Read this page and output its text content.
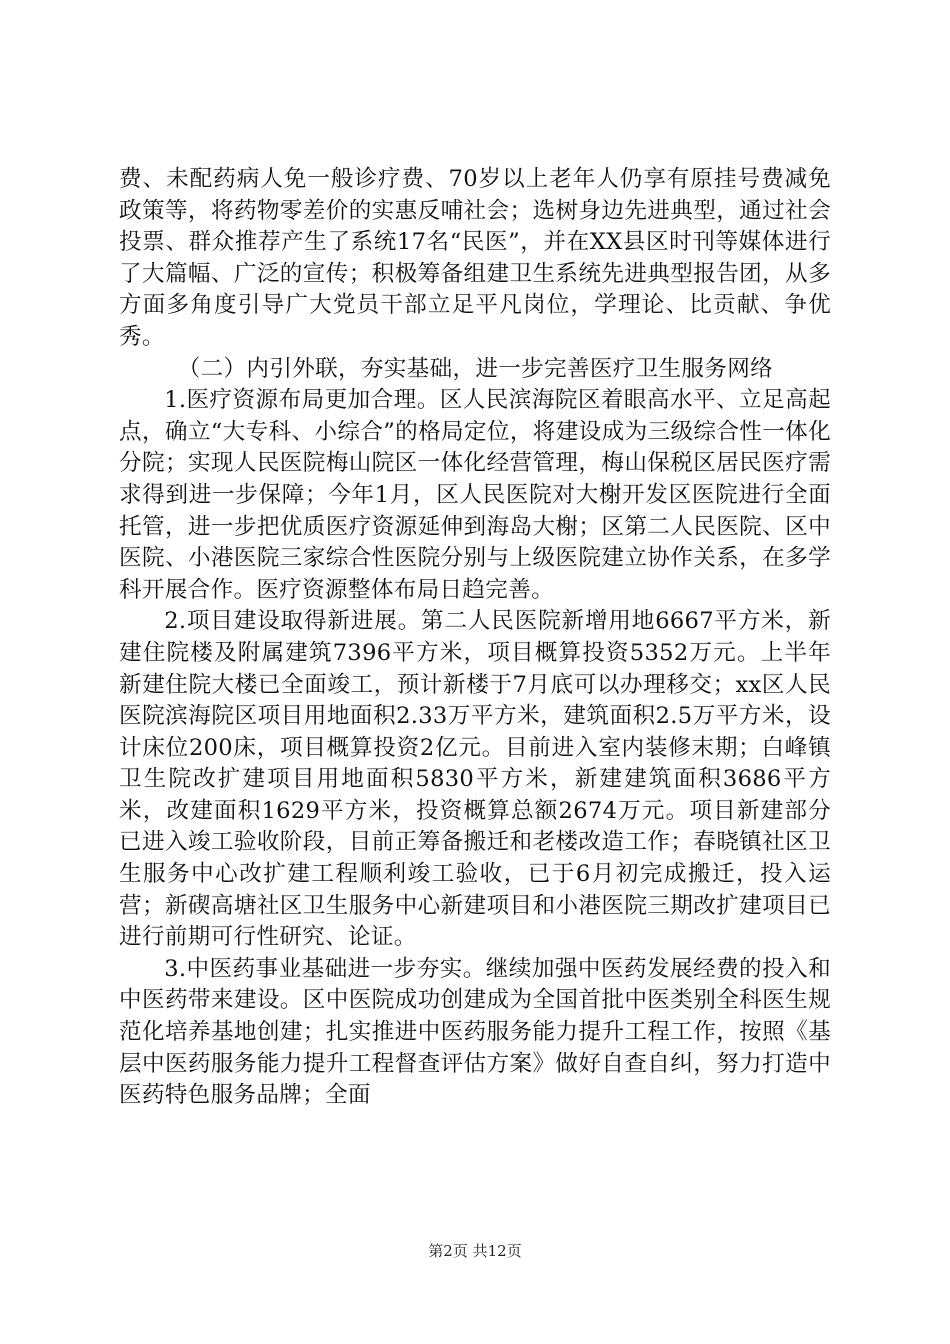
费、未配药病人免一般诊疗费、70岁以上老年人仍享有原挂号费减免政策等，将药物零差价的实惠反哺社会；选树身边先进典型，通过社会投票、群众推荐产生了系统17名“民医”，并在XX县区时刊等媒体进行了大篇幅、广泛的宣传；积极筹备组建卫生系统先进典型报告团，从多方面多角度引导广大党员干部立足平凡岗位，学理论、比贡献、争优秀。

（二）内引外联，夯实基础，进一步完善医疗卫生服务网络

1.医疗资源布局更加合理。区人民滨海院区着眼高水平、立足高起点，确立“大专科、小综合”的格局定位，将建设成为三级综合性一体化分院；实现人民医院梅山院区一体化经营管理，梅山保税区居民医疗需求得到进一步保障；今年1月，区人民医院对大榭开发区医院进行全面托管，进一步把优质医疗资源延伸到海岛大榭；区第二人民医院、区中医院、小港医院三家综合性医院分别与上级医院建立协作关系，在多学科开展合作。医疗资源整体布局日趋完善。

2.项目建设取得新进展。第二人民医院新增用地6667平方米，新建住院楼及附属建筑7396平方米，项目概算投资5352万元。上半年新建住院大楼已全面竣工，预计新楼于7月底可以办理移交；xx区人民医院滨海院区项目用地面积2.33万平方米，建筑面积2.5万平方米，设计床位200床，项目概算投资2亿元。目前进入室内装修末期；白峰镇卫生院改扩建项目用地面积5830平方米，新建建筑面积3686平方米，改建面积1629平方米，投资概算总额2674万元。项目新建部分已进入竣工验收阶段，目前正筹备搬迁和老楼改造工作；春晓镇社区卫生服务中心改扩建工程顺利竣工验收，已于6月初完成搬迁，投入运营；新碶高塘社区卫生服务中心新建项目和小港医院三期改扩建项目已进行前期可行性研究、论证。

3.中医药事业基础进一步夯实。继续加强中医药发展经费的投入和中医药带来建设。区中医院成功创建成为全国首批中医类别全科医生规范化培养基地创建；扎实推进中医药服务能力提升工程工作，按照《基层中医药服务能力提升工程督查评估方案》做好自查自纠，努力打造中医药特色服务品牌；全面

第2页 共12页
